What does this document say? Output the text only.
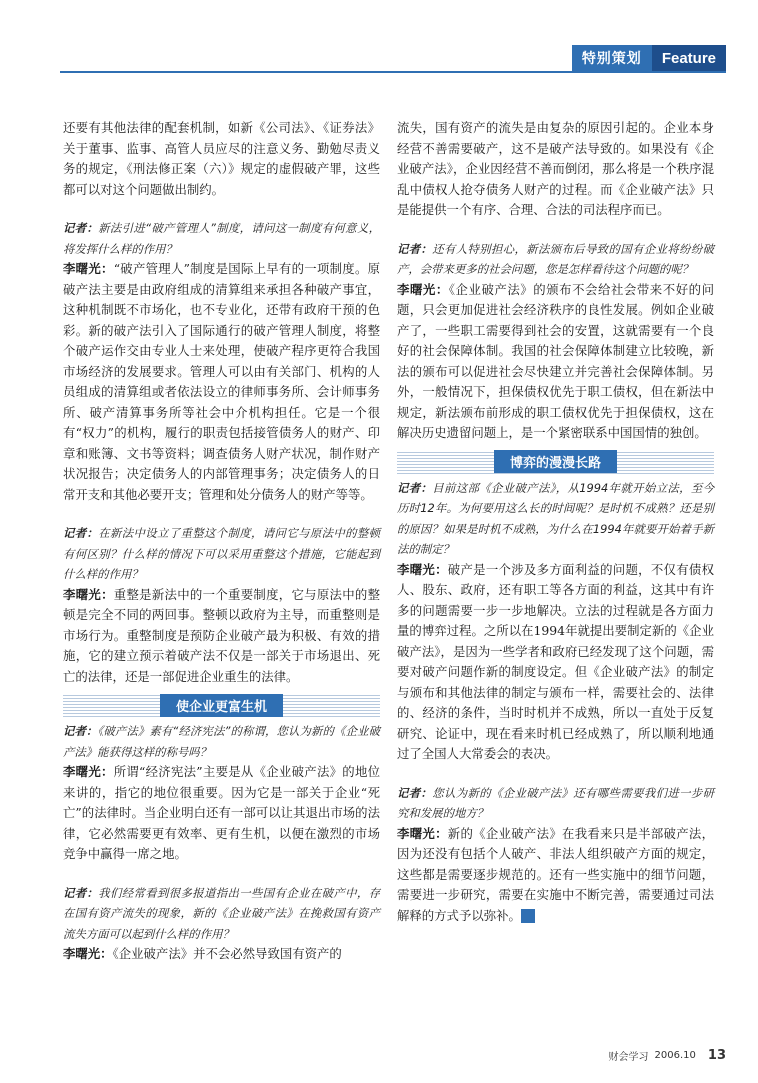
特别策划	Feature

还要有其他法律的配套机制，如新《公司法》、《证券法》关于董事、监事、高管人员应尽的注意义务、勤勉尽责义务的规定，《刑法修正案（六）》规定的虚假破产罪，这些都可以对这个问题做出制约。

记者：新法引进“破产管理人”制度，请问这一制度有何意义，将发挥什么样的作用？

李曙光：“破产管理人”制度是国际上早有的一项制度。原破产法主要是由政府组成的清算组来承担各种破产事宜，这种机制既不市场化，也不专业化，还带有政府干预的色彩。新的破产法引入了国际通行的破产管理人制度，将整个破产运作交由专业人士来处理，使破产程序更符合我国市场经济的发展要求。管理人可以由有关部门、机构的人员组成的清算组或者依法设立的律师事务所、会计师事务所、破产清算事务所等社会中介机构担任。它是一个很有“权力”的机构，履行的职责包括接管债务人的财产、印章和账簿、文书等资料；调查债务人财产状况，制作财产状况报告；决定债务人的内部管理事务；决定债务人的日常开支和其他必要开支；管理和处分债务人的财产等等。

记者：在新法中设立了重整这个制度，请问它与原法中的整顿有何区别？什么样的情况下可以采用重整这个措施，它能起到什么样的作用？

李曙光：重整是新法中的一个重要制度，它与原法中的整顿是完全不同的两回事。整顿以政府为主导，而重整则是市场行为。重整制度是预防企业破产最为积极、有效的措施，它的建立预示着破产法不仅是一部关于市场退出、死亡的法律，还是一部促进企业重生的法律。

使企业更富生机

记者：《破产法》素有“经济宪法”的称谓，您认为新的《企业破产法》能获得这样的称号吗？

李曙光：所谓“经济宪法”主要是从《企业破产法》的地位来讲的，指它的地位很重要。因为它是一部关于企业“死亡”的法律时。当企业明白还有一部可以让其退出市场的法律，它必然需要更有效率、更有生机，以便在激烈的市场竞争中赢得一席之地。

记者：我们经常看到很多报道指出一些国有企业在破产中，存在国有资产流失的现象，新的《企业破产法》在挽救国有资产流失方面可以起到什么样的作用？

李曙光：《企业破产法》并不会必然导致国有资产的

流失，国有资产的流失是由复杂的原因引起的。企业本身经营不善需要破产，这不是破产法导致的。如果没有《企业破产法》，企业因经营不善而倒闭，那么将是一个秩序混乱中债权人抢夺债务人财产的过程。而《企业破产法》只是能提供一个有序、合理、合法的司法程序而已。

记者：还有人特别担心，新法颁布后导致的国有企业将纷纷破产，会带来更多的社会问题，您是怎样看待这个问题的呢？

李曙光：《企业破产法》的颁布不会给社会带来不好的问题，只会更加促进社会经济秩序的良性发展。例如企业破产了，一些职工需要得到社会的安置，这就需要有一个良好的社会保障体制。我国的社会保障体制建立比较晚，新法的颁布可以促进社会尽快建立并完善社会保障体制。另外，一般情况下，担保债权优先于职工债权，但在新法中规定，新法颁布前形成的职工债权优先于担保债权，这在解决历史遗留问题上，是一个紧密联系中国国情的独创。

博弈的漫漫长路

记者：目前这部《企业破产法》，从1994年就开始立法，至今历时12年。为何要用这么长的时间呢？是时机不成熟？还是别的原因？如果是时机不成熟，为什么在1994年就要开始着手新法的制定？

李曙光：破产是一个涉及多方面利益的问题，不仅有债权人、股东、政府，还有职工等各方面的利益，这其中有许多的问题需要一步一步地解决。立法的过程就是各方面力量的博弈过程。之所以在1994年就提出要制定新的《企业破产法》，是因为一些学者和政府已经发现了这个问题，需要对破产问题作新的制度设定。但《企业破产法》的制定与颁布和其他法律的制定与颁布一样，需要社会的、法律的、经济的条件，当时时机并不成熟，所以一直处于反复研究、论证中，现在看来时机已经成熟了，所以顺利地通过了全国人大常委会的表决。

记者：您认为新的《企业破产法》还有哪些需要我们进一步研究和发展的地方？

李曙光：新的《企业破产法》在我看来只是半部破产法，因为还没有包括个人破产、非法人组织破产方面的规定，这些都是需要逐步规范的。还有一些实施中的细节问题，需要进一步研究，需要在实施中不断完善，需要通过司法解释的方式予以弥补。

财会学习 2006.10 13
